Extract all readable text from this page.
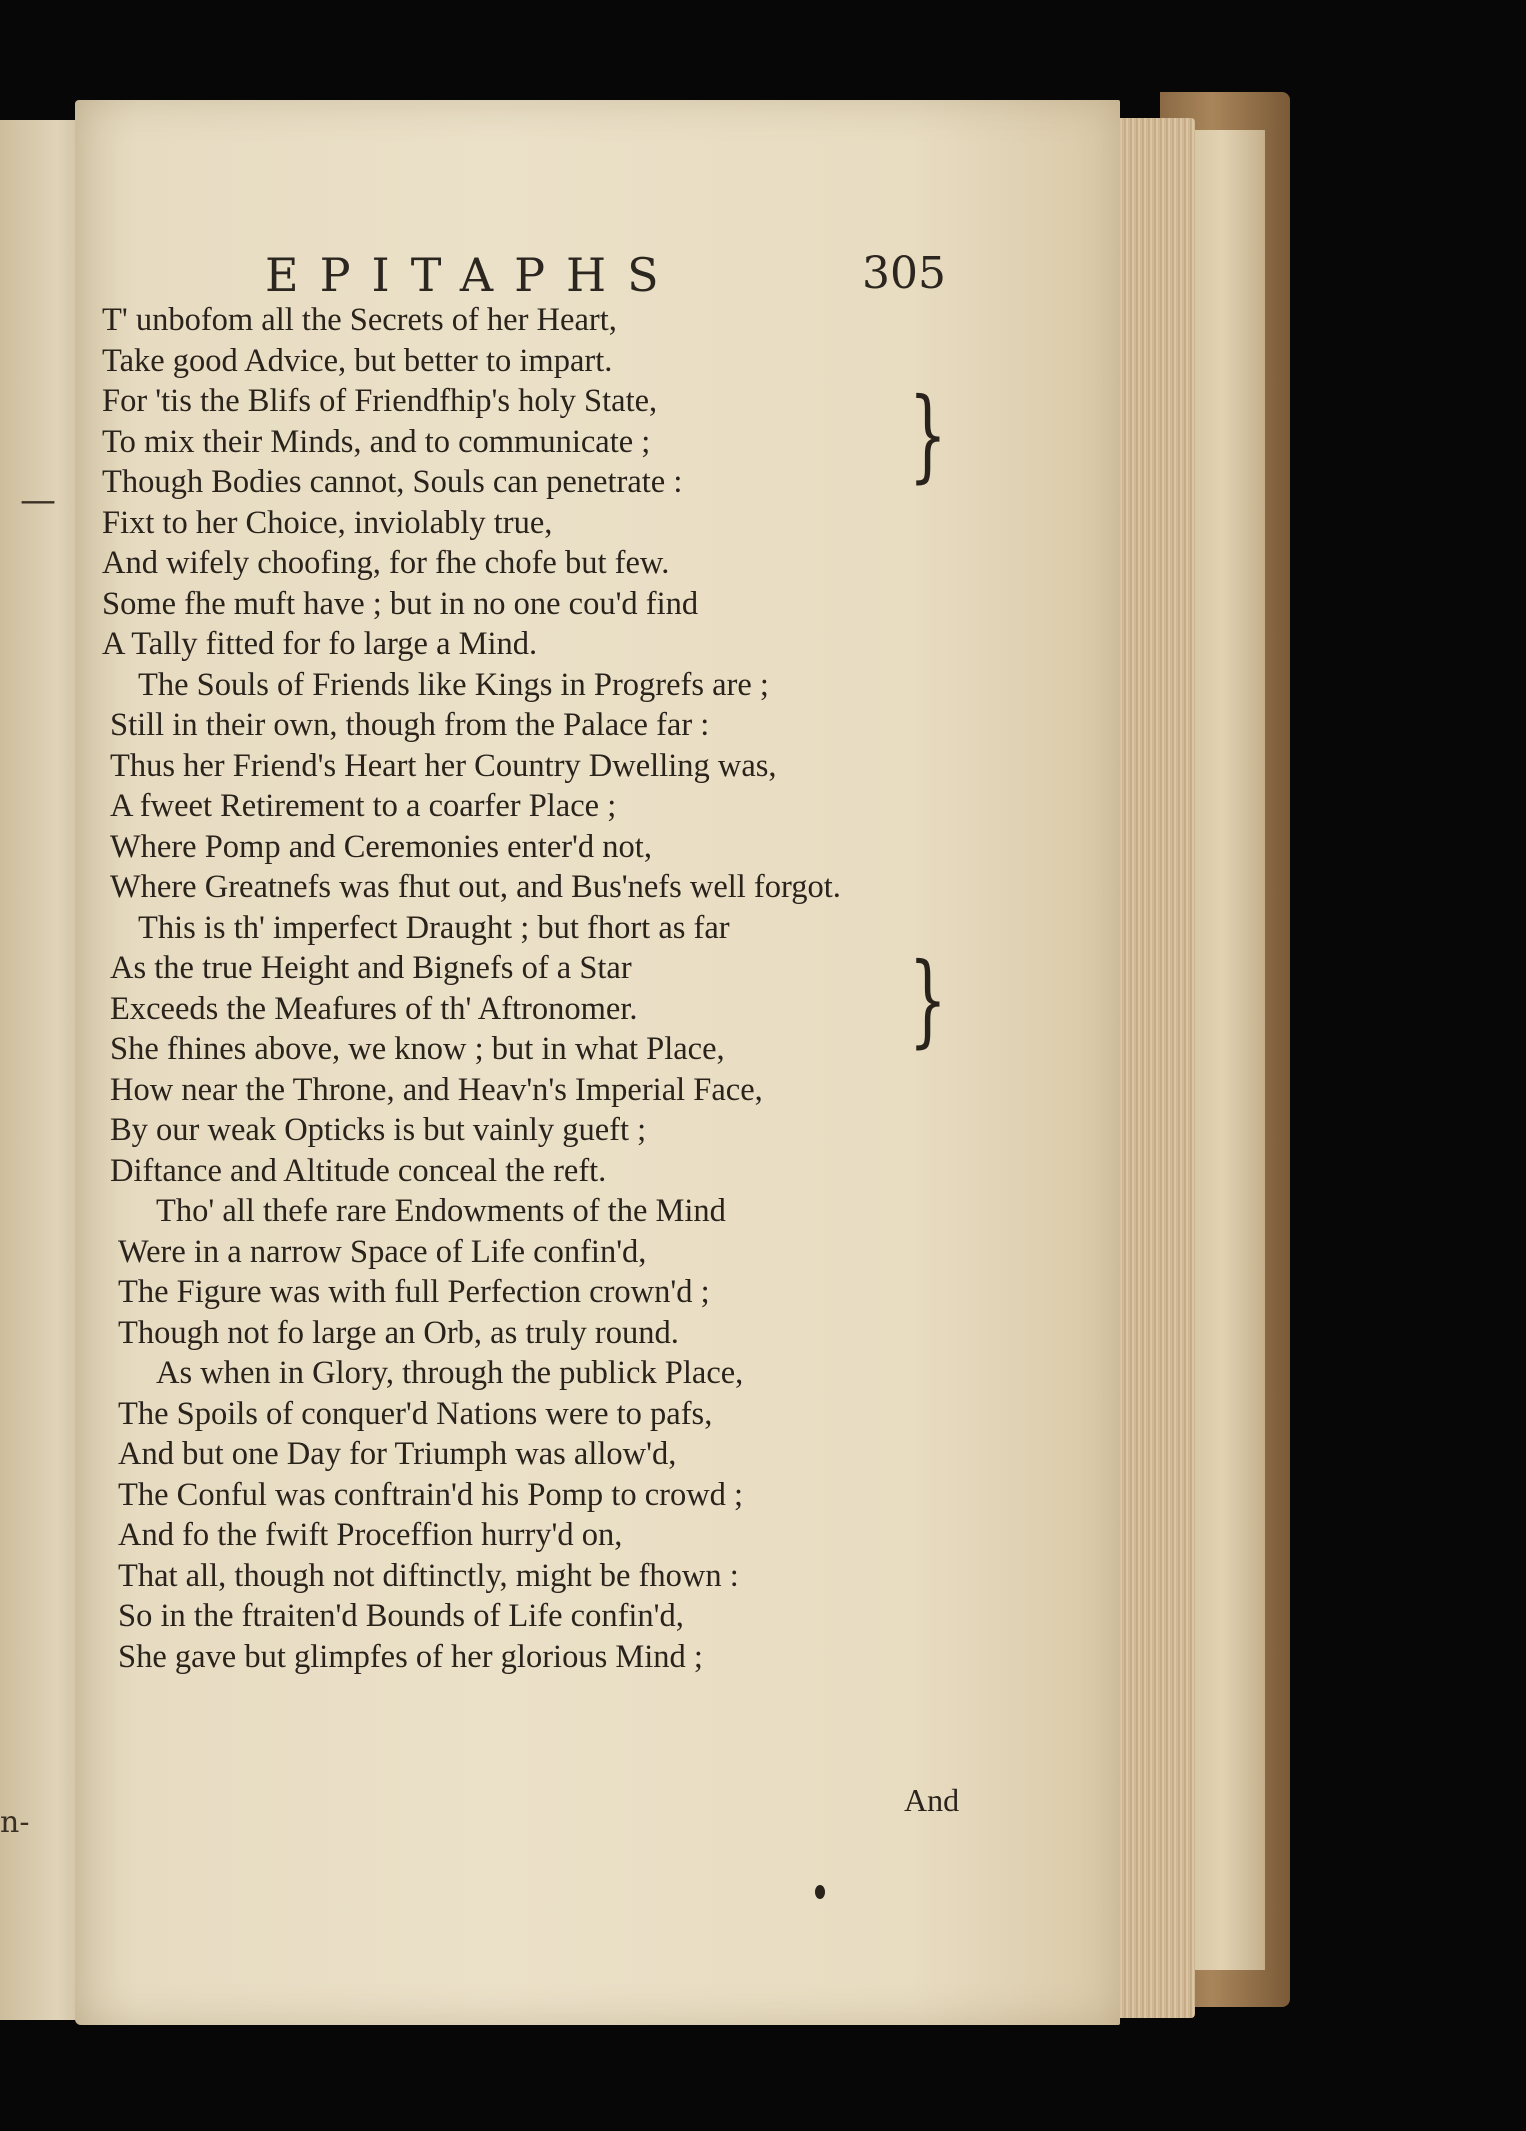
—
n-
EPITAPHS	305
T' unbofom all the Secrets of her Heart,
Take good Advice, but better to impart.
For 'tis the Blifs of Friendfhip's holy State,
To mix their Minds, and to communicate ;
Though Bodies cannot, Souls can penetrate :
Fixt to her Choice, inviolably true,
And wifely choofing, for fhe chofe but few.
Some fhe muft have ; but in no one cou'd find
A Tally fitted for fo large a Mind.
The Souls of Friends like Kings in Progrefs are ;
Still in their own, though from the Palace far :
Thus her Friend's Heart her Country Dwelling was,
A fweet Retirement to a coarfer Place ;
Where Pomp and Ceremonies enter'd not,
Where Greatnefs was fhut out, and Bus'nefs well forgot.
This is th' imperfect Draught ; but fhort as far
As the true Height and Bignefs of a Star
Exceeds the Meafures of th' Aftronomer.
She fhines above, we know ; but in what Place,
How near the Throne, and Heav'n's Imperial Face,
By our weak Opticks is but vainly gueft ;
Diftance and Altitude conceal the reft.
Tho' all thefe rare Endowments of the Mind
Were in a narrow Space of Life confin'd,
The Figure was with full Perfection crown'd ;
Though not fo large an Orb, as truly round.
As when in Glory, through the publick Place,
The Spoils of conquer'd Nations were to pafs,
And but one Day for Triumph was allow'd,
The Conful was conftrain'd his Pomp to crowd ;
And fo the fwift Proceffion hurry'd on,
That all, though not diftinctly, might be fhown :
So in the ftraiten'd Bounds of Life confin'd,
She gave but glimpfes of her glorious Mind ;
}
}
And
